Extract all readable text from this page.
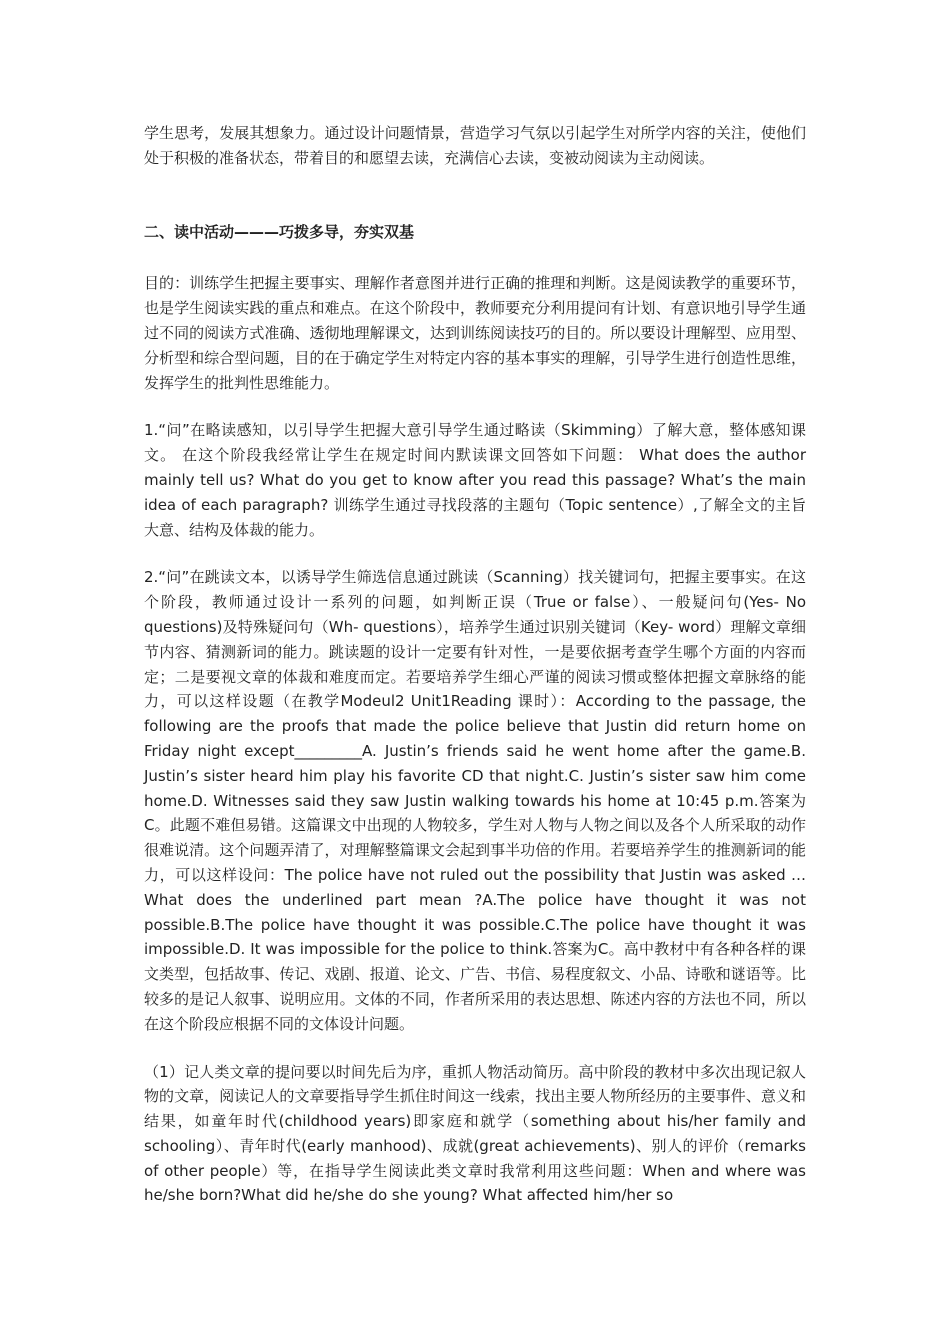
学生思考，发展其想象力。通过设计问题情景，营造学习气氛以引起学生对所学内容的关注，使他们处于积极的准备状态，带着目的和愿望去读，充满信心去读，变被动阅读为主动阅读。

二、读中活动———巧拨多导，夯实双基

目的：训练学生把握主要事实、理解作者意图并进行正确的推理和判断。这是阅读教学的重要环节，也是学生阅读实践的重点和难点。在这个阶段中，教师要充分利用提问有计划、有意识地引导学生通过不同的阅读方式准确、透彻地理解课文，达到训练阅读技巧的目的。所以要设计理解型、应用型、分析型和综合型问题，目的在于确定学生对特定内容的基本事实的理解，引导学生进行创造性思维，发挥学生的批判性思维能力。

1.“问”在略读感知，以引导学生把握大意引导学生通过略读（Skimming）了解大意，整体感知课文。 在这个阶段我经常让学生在规定时间内默读课文回答如下问题： What does the author mainly tell us? What do you get to know after you read this passage? What’s the main idea of each paragraph? 训练学生通过寻找段落的主题句（Topic sentence）,了解全文的主旨大意、结构及体裁的能力。

2.“问”在跳读文本，以诱导学生筛选信息通过跳读（Scanning）找关键词句，把握主要事实。在这个阶段，教师通过设计一系列的问题，如判断正误（True or false）、一般疑问句(Yes- No questions)及特殊疑问句（Wh- questions），培养学生通过识别关键词（Key- word）理解文章细节内容、猜测新词的能力。跳读题的设计一定要有针对性，一是要依据考查学生哪个方面的内容而定；二是要视文章的体裁和难度而定。若要培养学生细心严谨的阅读习惯或整体把握文章脉络的能力，可以这样设题（在教学Modeul2 Unit1Reading 课时）：According to the passage, the following are the proofs that made the police believe that Justin did return home on Friday night except_________A. Justin’s friends said he went home after the game.B. Justin’s sister heard him play his favorite CD that night.C. Justin’s sister saw him come home.D. Witnesses said they saw Justin walking towards his home at 10:45 p.m.答案为C。此题不难但易错。这篇课文中出现的人物较多，学生对人物与人物之间以及各个人所采取的动作很难说清。这个问题弄清了，对理解整篇课文会起到事半功倍的作用。若要培养学生的推测新词的能力，可以这样设问：The police have not ruled out the possibility that Justin was asked …What does the underlined part mean ?A.The police have thought it was not possible.B.The police have thought it was possible.C.The police have thought it was impossible.D. It was impossible for the police to think.答案为C。高中教材中有各种各样的课文类型，包括故事、传记、戏剧、报道、论文、广告、书信、易程度叙文、小品、诗歌和谜语等。比较多的是记人叙事、说明应用。文体的不同，作者所采用的表达思想、陈述内容的方法也不同，所以在这个阶段应根据不同的文体设计问题。

（1）记人类文章的提问要以时间先后为序，重抓人物活动简历。高中阶段的教材中多次出现记叙人物的文章，阅读记人的文章要指导学生抓住时间这一线索，找出主要人物所经历的主要事件、意义和结果，如童年时代(childhood years)即家庭和就学（something about his/her family and schooling）、青年时代(early manhood)、成就(great achievements)、别人的评价（remarks of other people）等，在指导学生阅读此类文章时我常利用这些问题：When and where was he/she born?What did he/she do she young? What affected him/her so
